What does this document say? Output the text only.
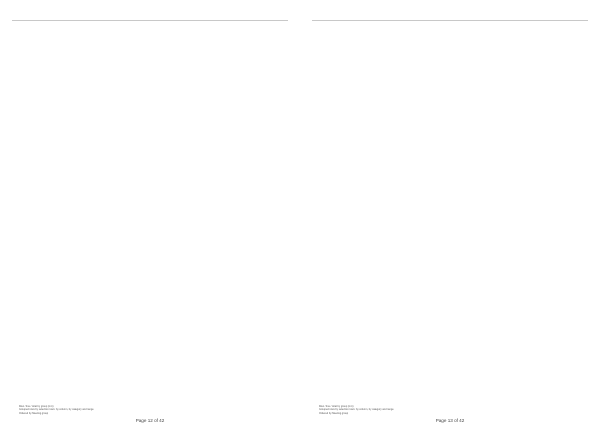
Row / line / total by group (in k)
Grouped rows by selection rows: by column, by category and range
Ordered by Meeting group
Page 12 of 42
Row / line / total by group (in k)
Grouped rows by selection rows: by column, by category and range
Ordered by Meeting group
Page 13 of 42
